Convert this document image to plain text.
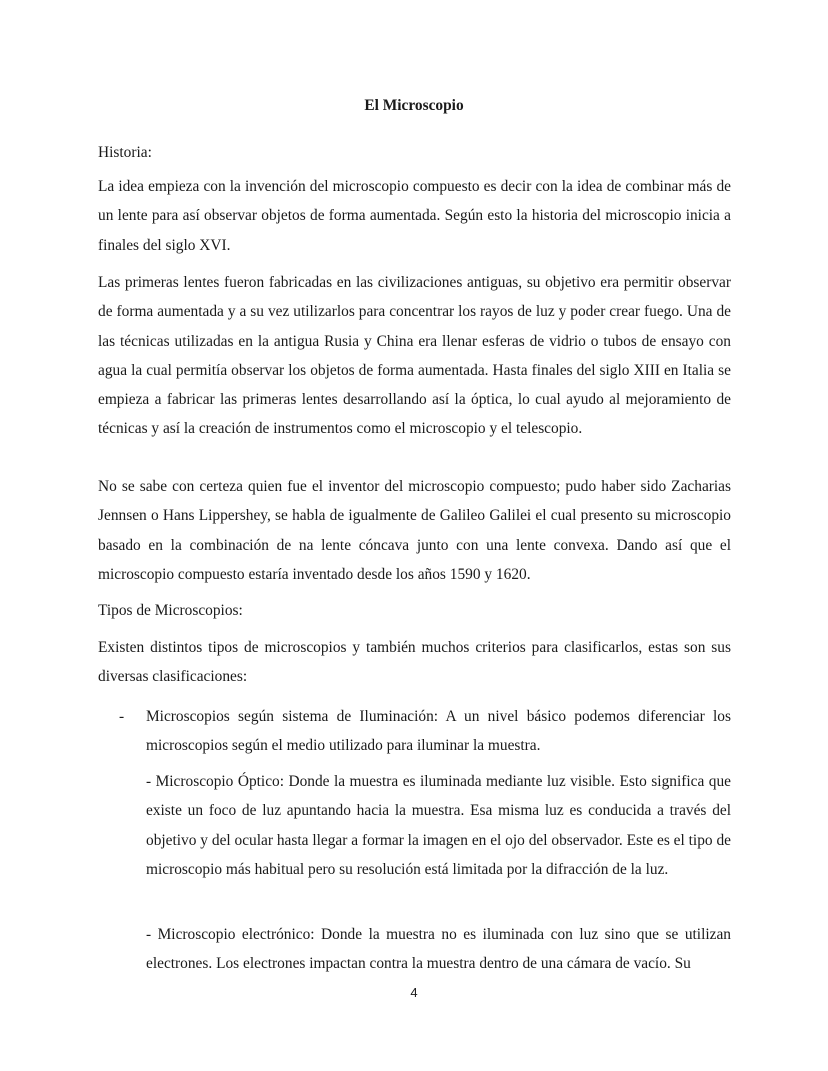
El Microscopio

Historia:

La idea empieza con la invención del microscopio compuesto es decir con la idea de combinar más de un lente para así observar objetos de forma aumentada. Según esto la historia del microscopio inicia a finales del siglo XVI.

Las primeras lentes fueron fabricadas en las civilizaciones antiguas, su objetivo era permitir observar de forma aumentada y a su vez utilizarlos para concentrar los rayos de luz y poder crear fuego. Una de las técnicas utilizadas en la antigua Rusia y China era llenar esferas de vidrio o tubos de ensayo con agua la cual permitía observar los objetos de forma aumentada. Hasta finales del siglo XIII en Italia se empieza a fabricar las primeras lentes desarrollando así la óptica, lo cual ayudo al mejoramiento de técnicas y así la creación de instrumentos como el microscopio y el telescopio.

No se sabe con certeza quien fue el inventor del microscopio compuesto; pudo haber sido Zacharias Jennsen o Hans Lippershey, se habla de igualmente de Galileo Galilei el cual presento su microscopio basado en la combinación de na lente cóncava junto con una lente convexa. Dando así que el microscopio compuesto estaría inventado desde los años 1590 y 1620.

Tipos de Microscopios:

Existen distintos tipos de microscopios y también muchos criterios para clasificarlos, estas son sus diversas clasificaciones:

- Microscopios según sistema de Iluminación: A un nivel básico podemos diferenciar los microscopios según el medio utilizado para iluminar la muestra.

- Microscopio Óptico: Donde la muestra es iluminada mediante luz visible. Esto significa que existe un foco de luz apuntando hacia la muestra. Esa misma luz es conducida a través del objetivo y del ocular hasta llegar a formar la imagen en el ojo del observador. Este es el tipo de microscopio más habitual pero su resolución está limitada por la difracción de la luz.

- Microscopio electrónico: Donde la muestra no es iluminada con luz sino que se utilizan electrones. Los electrones impactan contra la muestra dentro de una cámara de vacío. Su

4
